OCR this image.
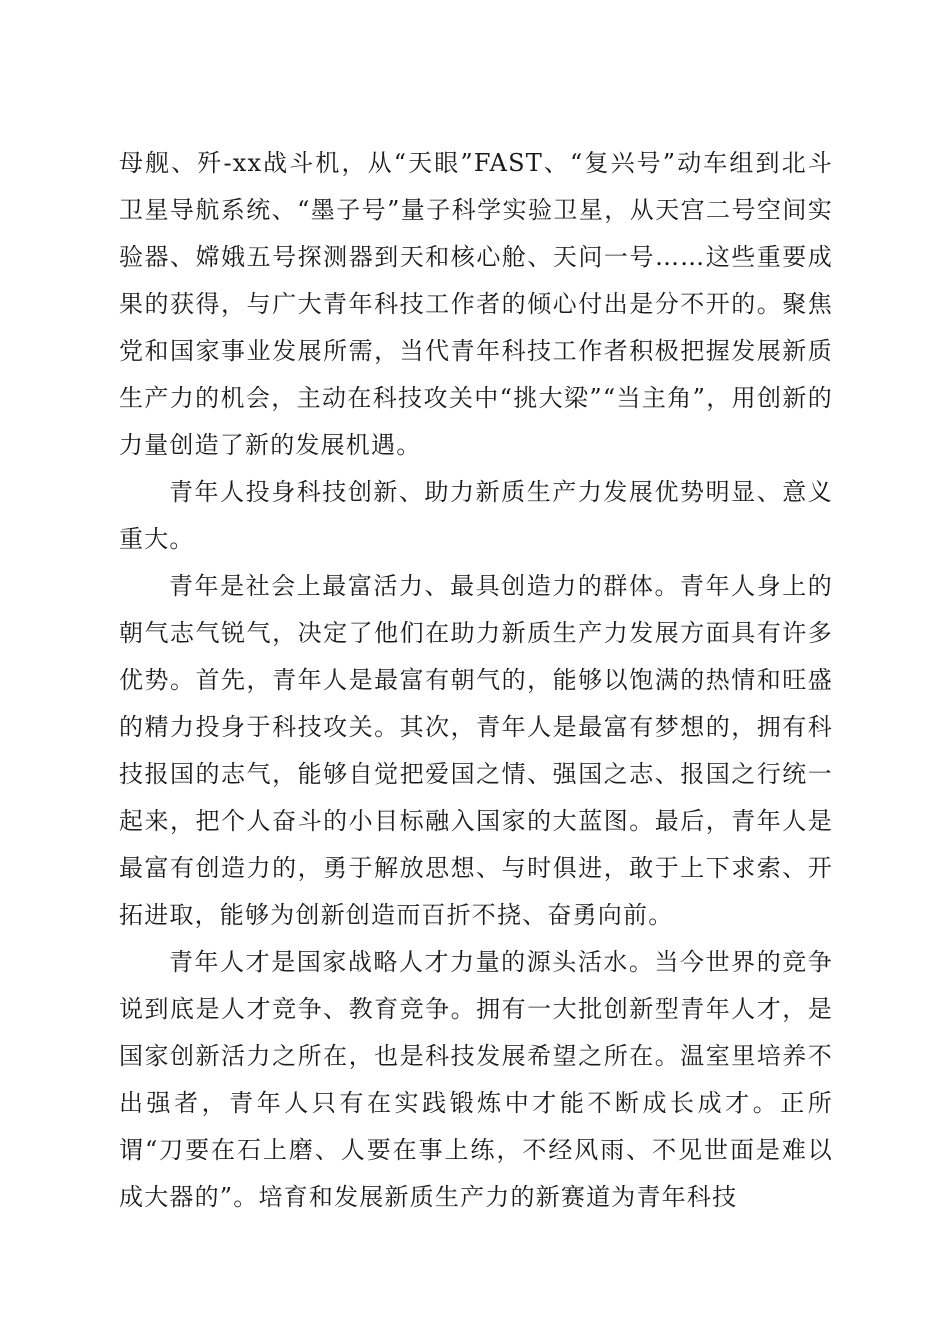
母舰、歼-xx战斗机，从“天眼”FAST、“复兴号”动车组到北斗卫星导航系统、“墨子号”量子科学实验卫星，从天宫二号空间实验器、嫦娥五号探测器到天和核心舱、天问一号……这些重要成果的获得，与广大青年科技工作者的倾心付出是分不开的。聚焦党和国家事业发展所需，当代青年科技工作者积极把握发展新质生产力的机会，主动在科技攻关中“挑大梁”“当主角”，用创新的力量创造了新的发展机遇。

青年人投身科技创新、助力新质生产力发展优势明显、意义重大。

青年是社会上最富活力、最具创造力的群体。青年人身上的朝气志气锐气，决定了他们在助力新质生产力发展方面具有许多优势。首先，青年人是最富有朝气的，能够以饱满的热情和旺盛的精力投身于科技攻关。其次，青年人是最富有梦想的，拥有科技报国的志气，能够自觉把爱国之情、强国之志、报国之行统一起来，把个人奋斗的小目标融入国家的大蓝图。最后，青年人是最富有创造力的，勇于解放思想、与时俱进，敢于上下求索、开拓进取，能够为创新创造而百折不挠、奋勇向前。

青年人才是国家战略人才力量的源头活水。当今世界的竞争说到底是人才竞争、教育竞争。拥有一大批创新型青年人才，是国家创新活力之所在，也是科技发展希望之所在。温室里培养不出强者，青年人只有在实践锻炼中才能不断成长成才。正所谓“刀要在石上磨、人要在事上练，不经风雨、不见世面是难以成大器的”。培育和发展新质生产力的新赛道为青年科技
